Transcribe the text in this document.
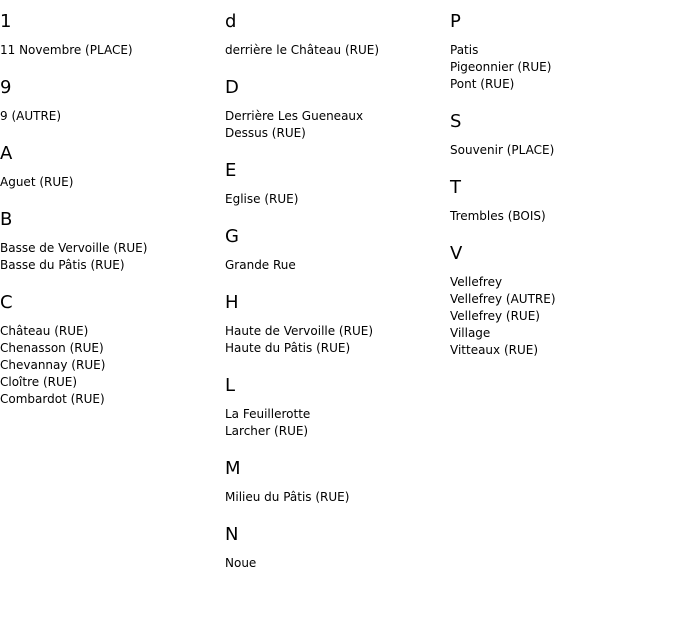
1
11 Novembre (PLACE)
9
9 (AUTRE)
A
Aguet (RUE)
B
Basse de Vervoille (RUE)
Basse du Pâtis (RUE)
C
Château (RUE)
Chenasson (RUE)
Chevannay (RUE)
Cloître (RUE)
Combardot (RUE)
d
derrière le Château (RUE)
D
Derrière Les Gueneaux
Dessus (RUE)
E
Eglise (RUE)
G
Grande Rue
H
Haute de Vervoille (RUE)
Haute du Pâtis (RUE)
L
La Feuillerotte
Larcher (RUE)
M
Milieu du Pâtis (RUE)
N
Noue
P
Patis
Pigeonnier (RUE)
Pont (RUE)
S
Souvenir (PLACE)
T
Trembles (BOIS)
V
Vellefrey
Vellefrey (AUTRE)
Vellefrey (RUE)
Village
Vitteaux (RUE)
